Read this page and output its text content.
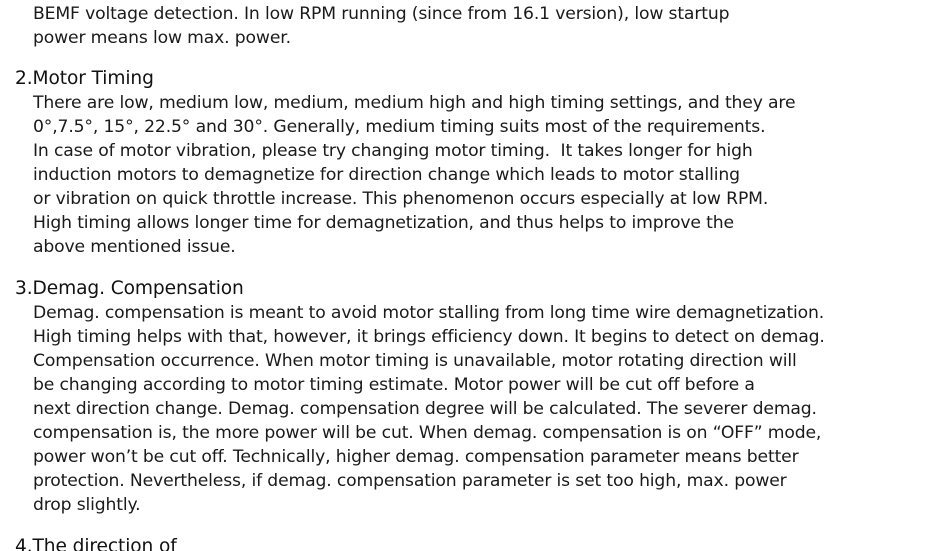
BEMF voltage detection. In low RPM running (since from 16.1 version), low startup
power means low max. power.
2.Motor Timing
There are low, medium low, medium, medium high and high timing settings, and they are
0°,7.5°, 15°, 22.5° and 30°. Generally, medium timing suits most of the requirements.
In case of motor vibration, please try changing motor timing.  It takes longer for high
induction motors to demagnetize for direction change which leads to motor stalling
or vibration on quick throttle increase. This phenomenon occurs especially at low RPM.
High timing allows longer time for demagnetization, and thus helps to improve the
above mentioned issue.
3.Demag. Compensation
Demag. compensation is meant to avoid motor stalling from long time wire demagnetization.
High timing helps with that, however, it brings efficiency down. It begins to detect on demag.
Compensation occurrence. When motor timing is unavailable, motor rotating direction will
be changing according to motor timing estimate. Motor power will be cut off before a
next direction change. Demag. compensation degree will be calculated. The severer demag.
compensation is, the more power will be cut. When demag. compensation is on “OFF” mode,
power won’t be cut off. Technically, higher demag. compensation parameter means better
protection. Nevertheless, if demag. compensation parameter is set too high, max. power
drop slightly.
4.The direction of
